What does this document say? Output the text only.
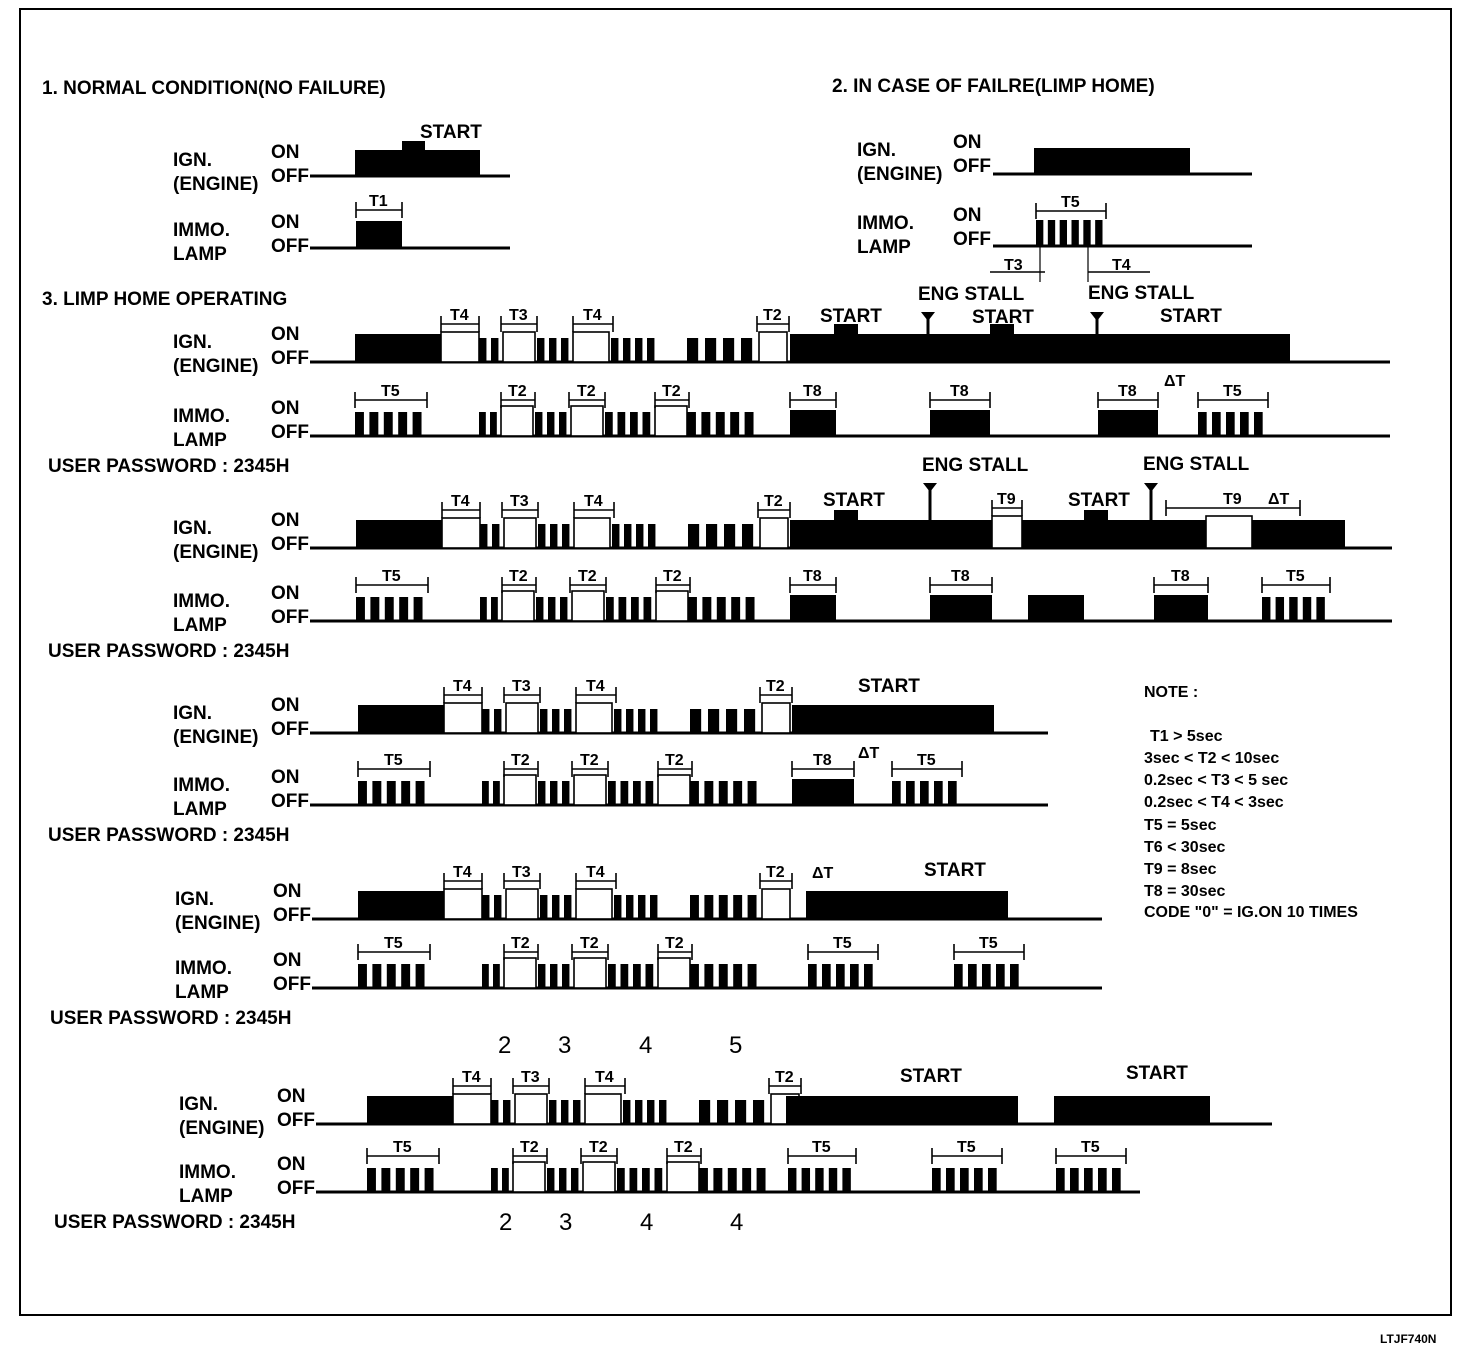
1. NORMAL CONDITION(NO FAILURE)	2. IN CASE OF FAILRE(LIMP HOME)
3. LIMP HOME OPERATING
IGN.
(ENGINE)
ON
OFF
IMMO.
LAMP
ON
OFF
START
T1
IGN.
(ENGINE)
ON
OFF
IMMO.
LAMP
ON
OFF
T5
T3	T4
IGN.
(ENGINE)
ON
OFF
IMMO.
LAMP
ON
OFF
USER PASSWORD : 2345H
T4	T3	T4	T2
T5	T2	T2	T2
START
ENG STALL
START
ENG STALL
START
T8	T8	T8
ΔT
T5
IGN.
(ENGINE)
ON
OFF
IMMO.
LAMP
ON
OFF
USER PASSWORD : 2345H
T4	T3	T4	T2
T5	T2	T2	T2
T9	T9 ΔT
START
ENG STALL
START
ENG STALL
T8	T8	T8	T5
IGN.
(ENGINE)
ON
OFF
IMMO.
LAMP
ON
OFF
USER PASSWORD : 2345H
T4	T3	T4	T2
T5	T2	T2	T2
START
T8 ΔT T5
IGN.
(ENGINE)
ON
OFF
IMMO.
LAMP
ON
OFF
USER PASSWORD : 2345H
T4	T3	T4	T2
T5	T2	T2	T2
ΔT	START
T5	T5
IGN.
(ENGINE)
ON
OFF
IMMO.
LAMP
ON
OFF
USER PASSWORD : 2345H
T4	T3	T4	T2
T5	T2	T2	T2
START	START
T5	T5	T5
NOTE :
T1 > 5sec
3sec < T2 < 10sec
0.2sec < T3 < 5 sec
0.2sec < T4 < 3sec
T5 = 5sec
T6 < 30sec
T9 = 8sec
T8 = 30sec
CODE "0" = IG.ON 10 TIMES
2 3	4	5
2 3	4	4
LTJF740N
